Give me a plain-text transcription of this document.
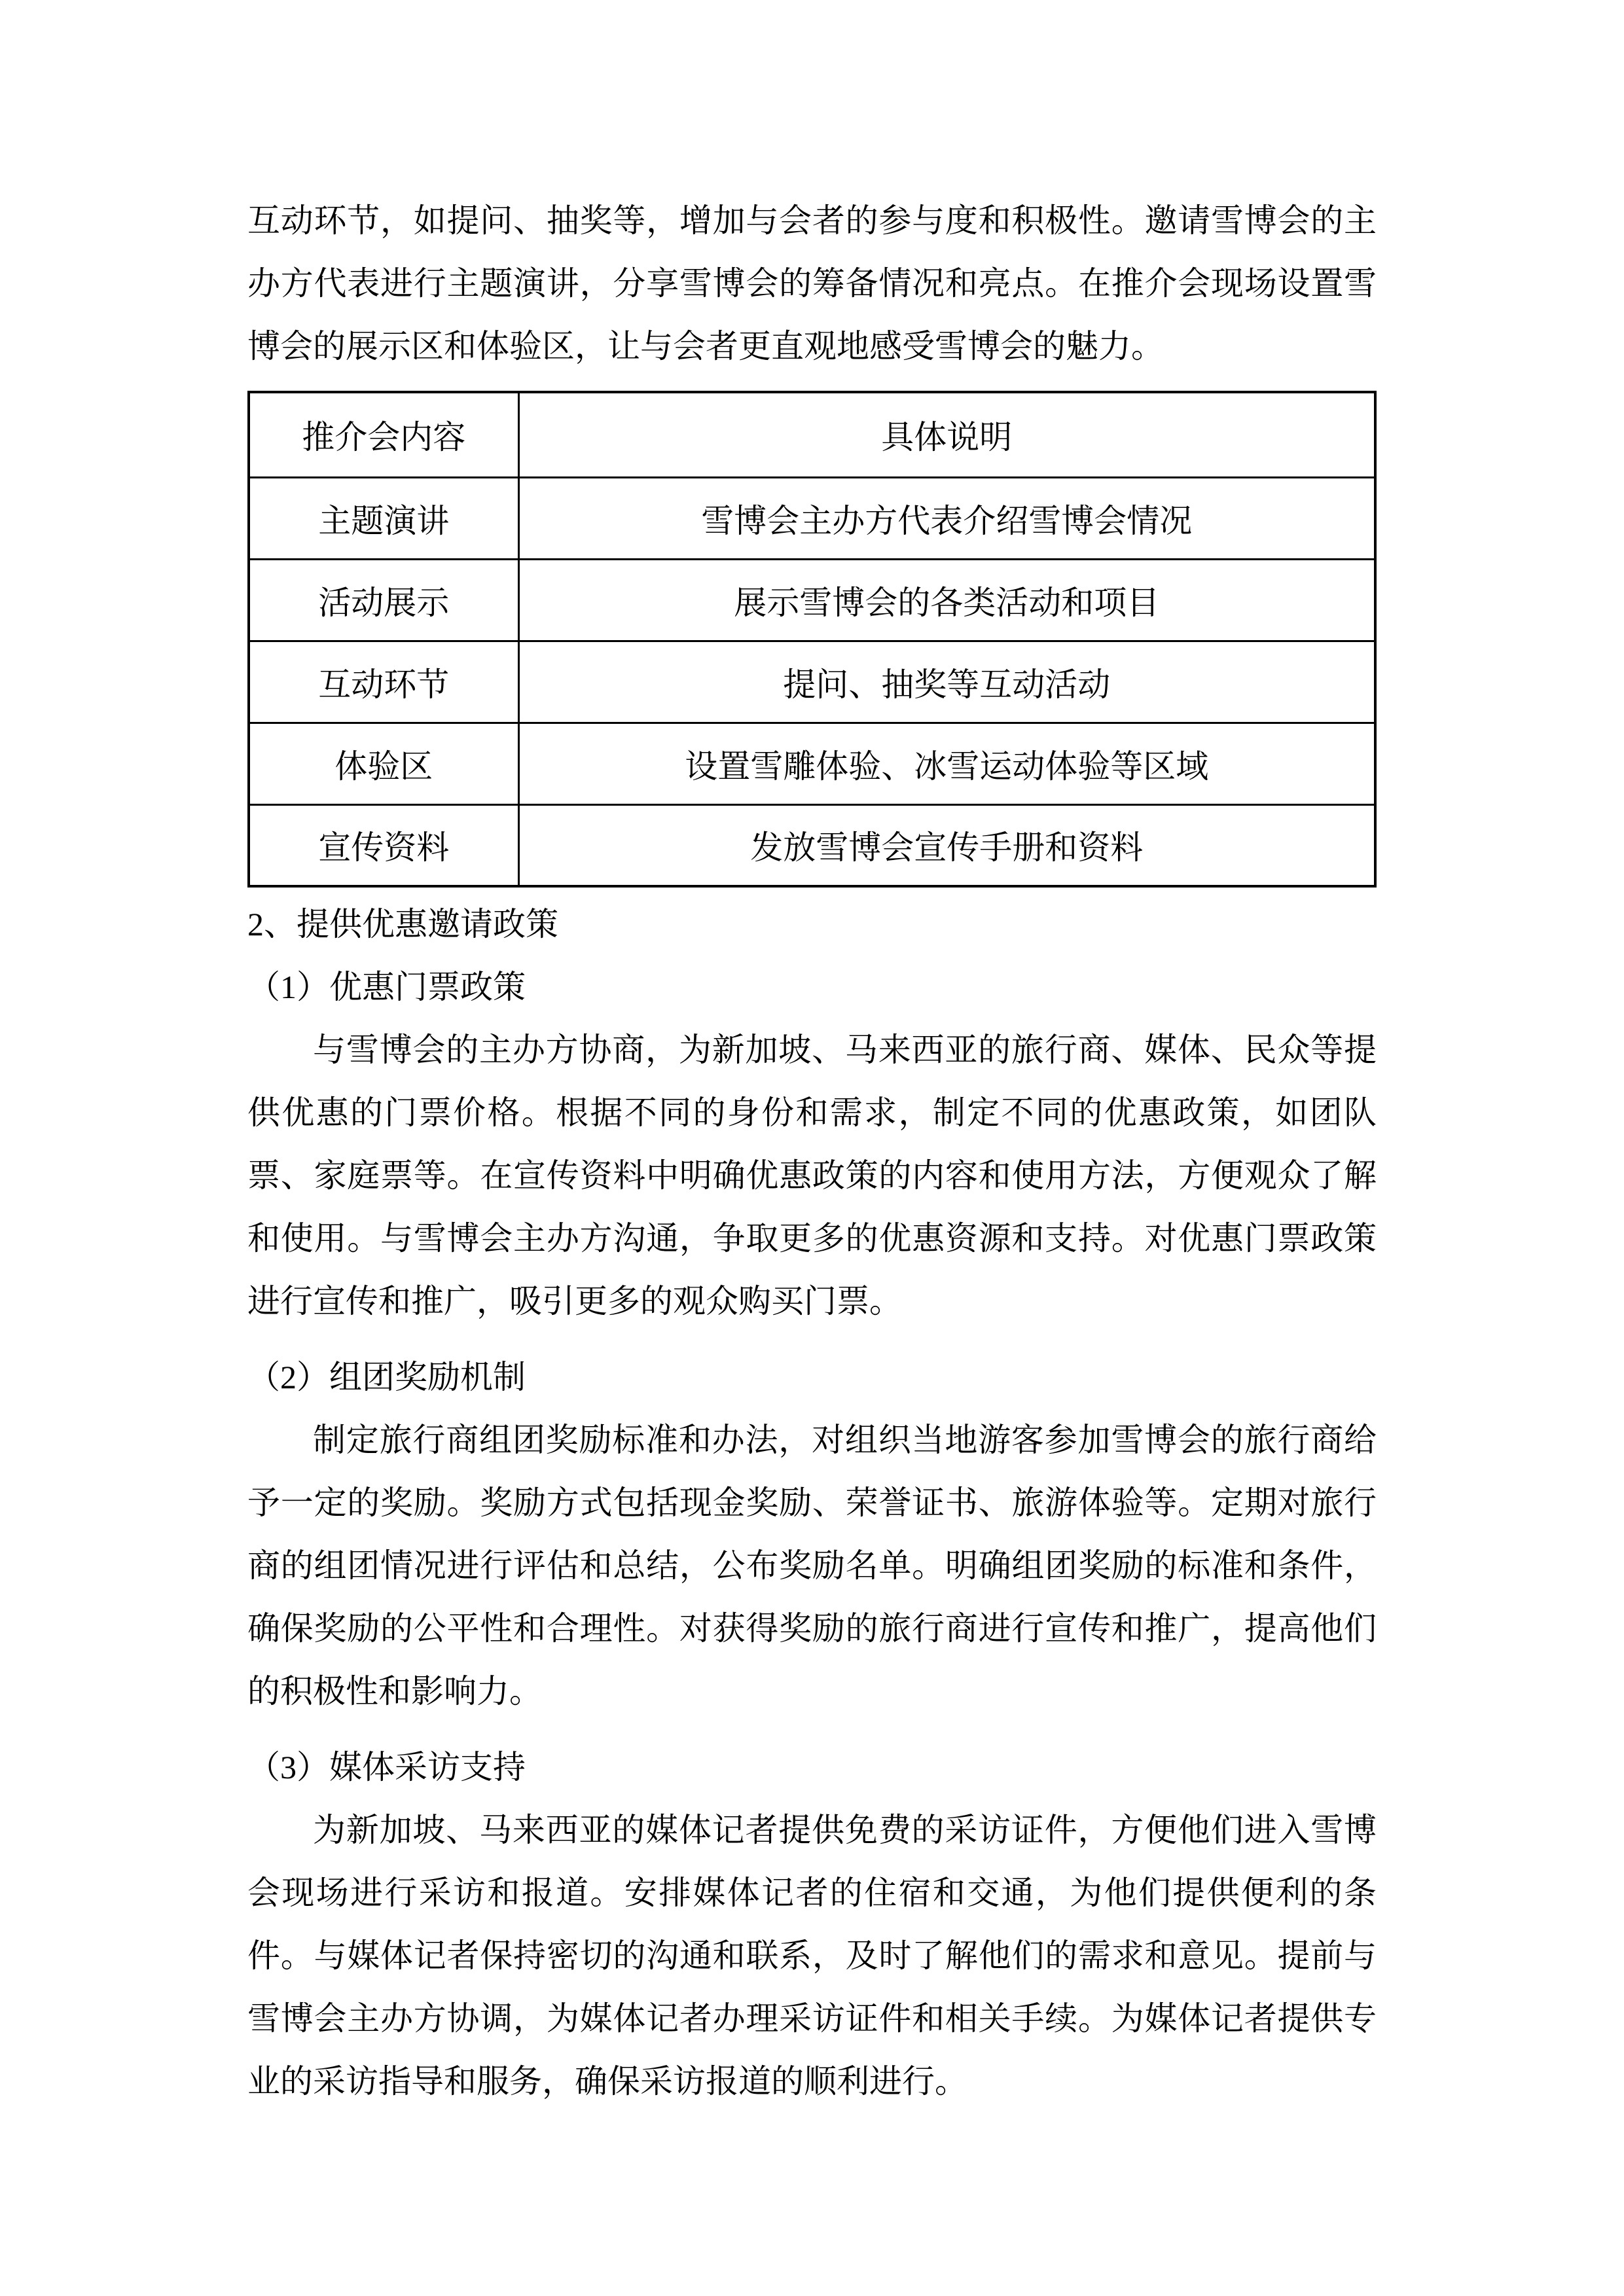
互动环节，如提问、抽奖等，增加与会者的参与度和积极性。邀请雪博会的主
办方代表进行主题演讲，分享雪博会的筹备情况和亮点。在推介会现场设置雪
博会的展示区和体验区，让与会者更直观地感受雪博会的魅力。
推介会内容	具体说明
主题演讲	雪博会主办方代表介绍雪博会情况
活动展示	展示雪博会的各类活动和项目
互动环节	提问、抽奖等互动活动
体验区	设置雪雕体验、冰雪运动体验等区域
宣传资料	发放雪博会宣传手册和资料
2、提供优惠邀请政策
（1）优惠门票政策
与雪博会的主办方协商，为新加坡、马来西亚的旅行商、媒体、民众等提
供优惠的门票价格。根据不同的身份和需求，制定不同的优惠政策，如团队
票、家庭票等。在宣传资料中明确优惠政策的内容和使用方法，方便观众了解
和使用。与雪博会主办方沟通，争取更多的优惠资源和支持。对优惠门票政策
进行宣传和推广，吸引更多的观众购买门票。
（2）组团奖励机制
制定旅行商组团奖励标准和办法，对组织当地游客参加雪博会的旅行商给
予一定的奖励。奖励方式包括现金奖励、荣誉证书、旅游体验等。定期对旅行
商的组团情况进行评估和总结，公布奖励名单。明确组团奖励的标准和条件，
确保奖励的公平性和合理性。对获得奖励的旅行商进行宣传和推广，提高他们
的积极性和影响力。
（3）媒体采访支持
为新加坡、马来西亚的媒体记者提供免费的采访证件，方便他们进入雪博
会现场进行采访和报道。安排媒体记者的住宿和交通，为他们提供便利的条
件。与媒体记者保持密切的沟通和联系，及时了解他们的需求和意见。提前与
雪博会主办方协调，为媒体记者办理采访证件和相关手续。为媒体记者提供专
业的采访指导和服务，确保采访报道的顺利进行。
